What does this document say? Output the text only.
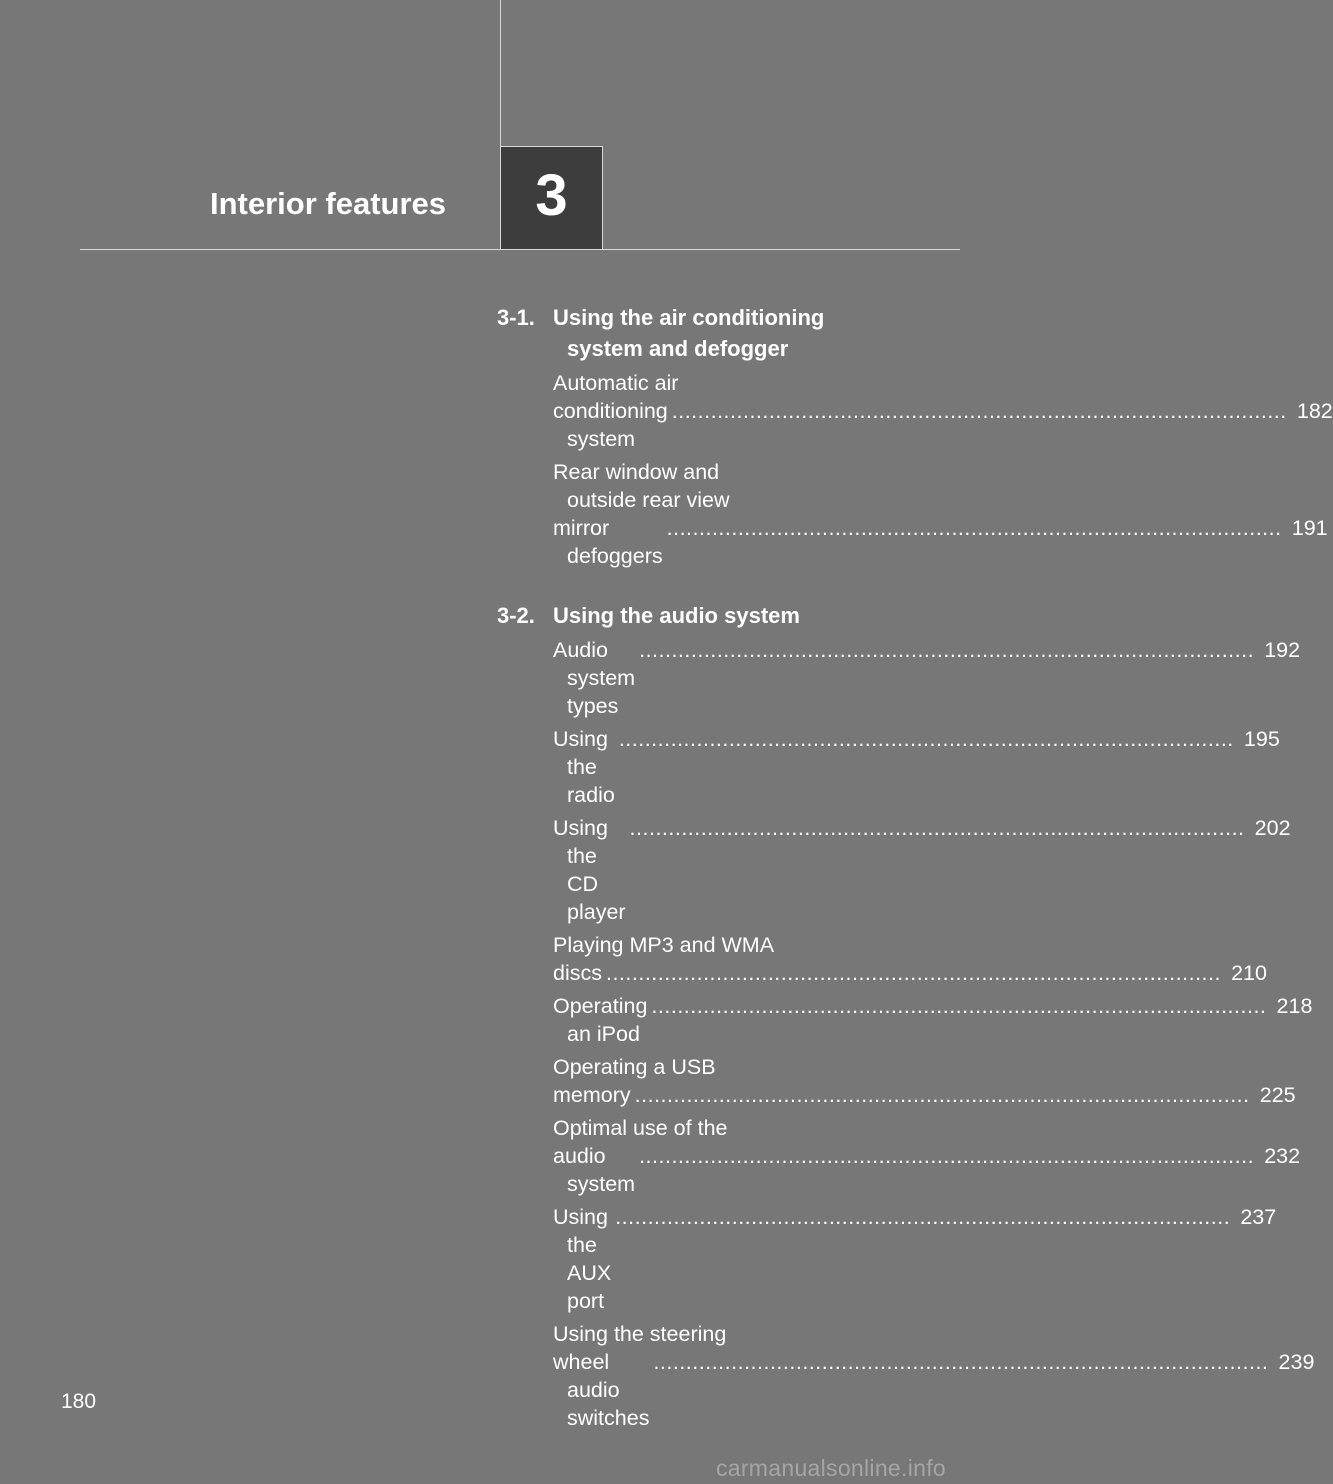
Interior features 3
3-1. Using the air conditioning
system and defogger
Automatic air
conditioning system
.....
182
Rear window and
outside rear view
mirror defoggers
.....
191
3-2. Using the audio system
Audio system types
.....
192
Using the radio
.....
195
Using the CD player
.....
202
Playing MP3 and WMA
discs .....	210
Operating an iPod
.....
218
Operating a USB
memory .....	225
Optimal use of the
audio system
.....
232
Using the AUX port
.....
237
Using the steering
wheel audio switches
.....
239
180
carmanualsonline.info
